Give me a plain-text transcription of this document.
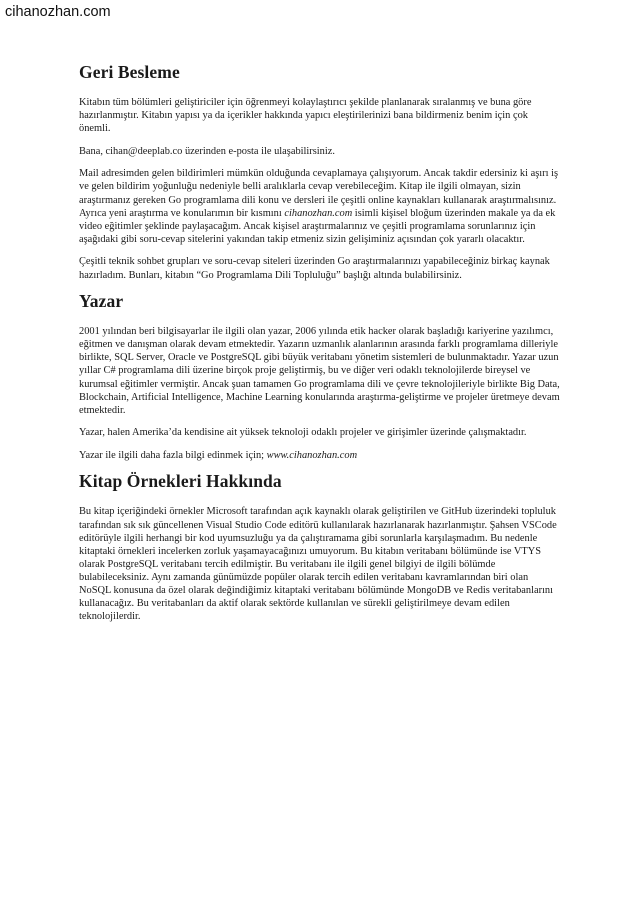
cihanozhan.com
Geri Besleme

Kitabın tüm bölümleri geliştiriciler için öğrenmeyi kolaylaştırıcı şekilde planlanarak sıralanmış ve buna göre hazırlanmıştır. Kitabın yapısı ya da içerikler hakkında yapıcı eleştirilerinizi bana bildirmeniz benim için çok önemli.

Bana, cihan@deeplab.co üzerinden e-posta ile ulaşabilirsiniz.

Mail adresimden gelen bildirimleri mümkün olduğunda cevaplamaya çalışıyorum. Ancak takdir edersiniz ki aşırı iş ve gelen bildirim yoğunluğu nedeniyle belli aralıklarla cevap verebileceğim. Kitap ile ilgili olmayan, sizin araştırmanız gereken Go programlama dili konu ve dersleri ile çeşitli online kaynakları kullanarak araştırmalısınız. Ayrıca yeni araştırma ve konularımın bir kısmını cihanozhan.com isimli kişisel bloğum üzerinden makale ya da ek video eğitimler şeklinde paylaşacağım. Ancak kişisel araştırmalarınız ve çeşitli programlama sorunlarınız için aşağıdaki gibi soru-cevap sitelerini yakından takip etmeniz sizin gelişiminiz açısından çok yararlı olacaktır.

Çeşitli teknik sohbet grupları ve soru-cevap siteleri üzerinden Go araştırmalarınızı yapabileceğiniz birkaç kaynak hazırladım. Bunları, kitabın “Go Programlama Dili Topluluğu” başlığı altında bulabilirsiniz.

Yazar

2001 yılından beri bilgisayarlar ile ilgili olan yazar, 2006 yılında etik hacker olarak başladığı kariyerine yazılımcı, eğitmen ve danışman olarak devam etmektedir. Yazarın uzmanlık alanlarının arasında farklı programlama dilleriyle birlikte, SQL Server, Oracle ve PostgreSQL gibi büyük veritabanı yönetim sistemleri de bulunmaktadır. Yazar uzun yıllar C# programlama dili üzerine birçok proje geliştirmiş, bu ve diğer veri odaklı teknolojilerde bireysel ve kurumsal eğitimler vermiştir. Ancak şuan tamamen Go programlama dili ve çevre teknolojileriyle birlikte Big Data, Blockchain, Artificial Intelligence, Machine Learning konularında araştırma-geliştirme ve projeler üretmeye devam etmektedir.

Yazar, halen Amerika’da kendisine ait yüksek teknoloji odaklı projeler ve girişimler üzerinde çalışmaktadır.

Yazar ile ilgili daha fazla bilgi edinmek için; www.cihanozhan.com

Kitap Örnekleri Hakkında

Bu kitap içeriğindeki örnekler Microsoft tarafından açık kaynaklı olarak geliştirilen ve GitHub üzerindeki topluluk tarafından sık sık güncellenen Visual Studio Code editörü kullanılarak hazırlanarak hazırlanmıştır. Şahsen VSCode editörüyle ilgili herhangi bir kod uyumsuzluğu ya da çalıştıramama gibi sorunlarla karşılaşmadım. Bu nedenle kitaptaki örnekleri incelerken zorluk yaşamayacağınızı umuyorum. Bu kitabın veritabanı bölümünde ise VTYS olarak PostgreSQL veritabanı tercih edilmiştir. Bu veritabanı ile ilgili genel bilgiyi de ilgili bölümde bulabileceksiniz. Aynı zamanda günümüzde popüler olarak tercih edilen veritabanı kavramlarından biri olan NoSQL konusuna da özel olarak değindiğimiz kitaptaki veritabanı bölümünde MongoDB ve Redis veritabanlarını kullanacağız. Bu veritabanları da aktif olarak sektörde kullanılan ve sürekli geliştirilmeye devam edilen teknolojilerdir.
